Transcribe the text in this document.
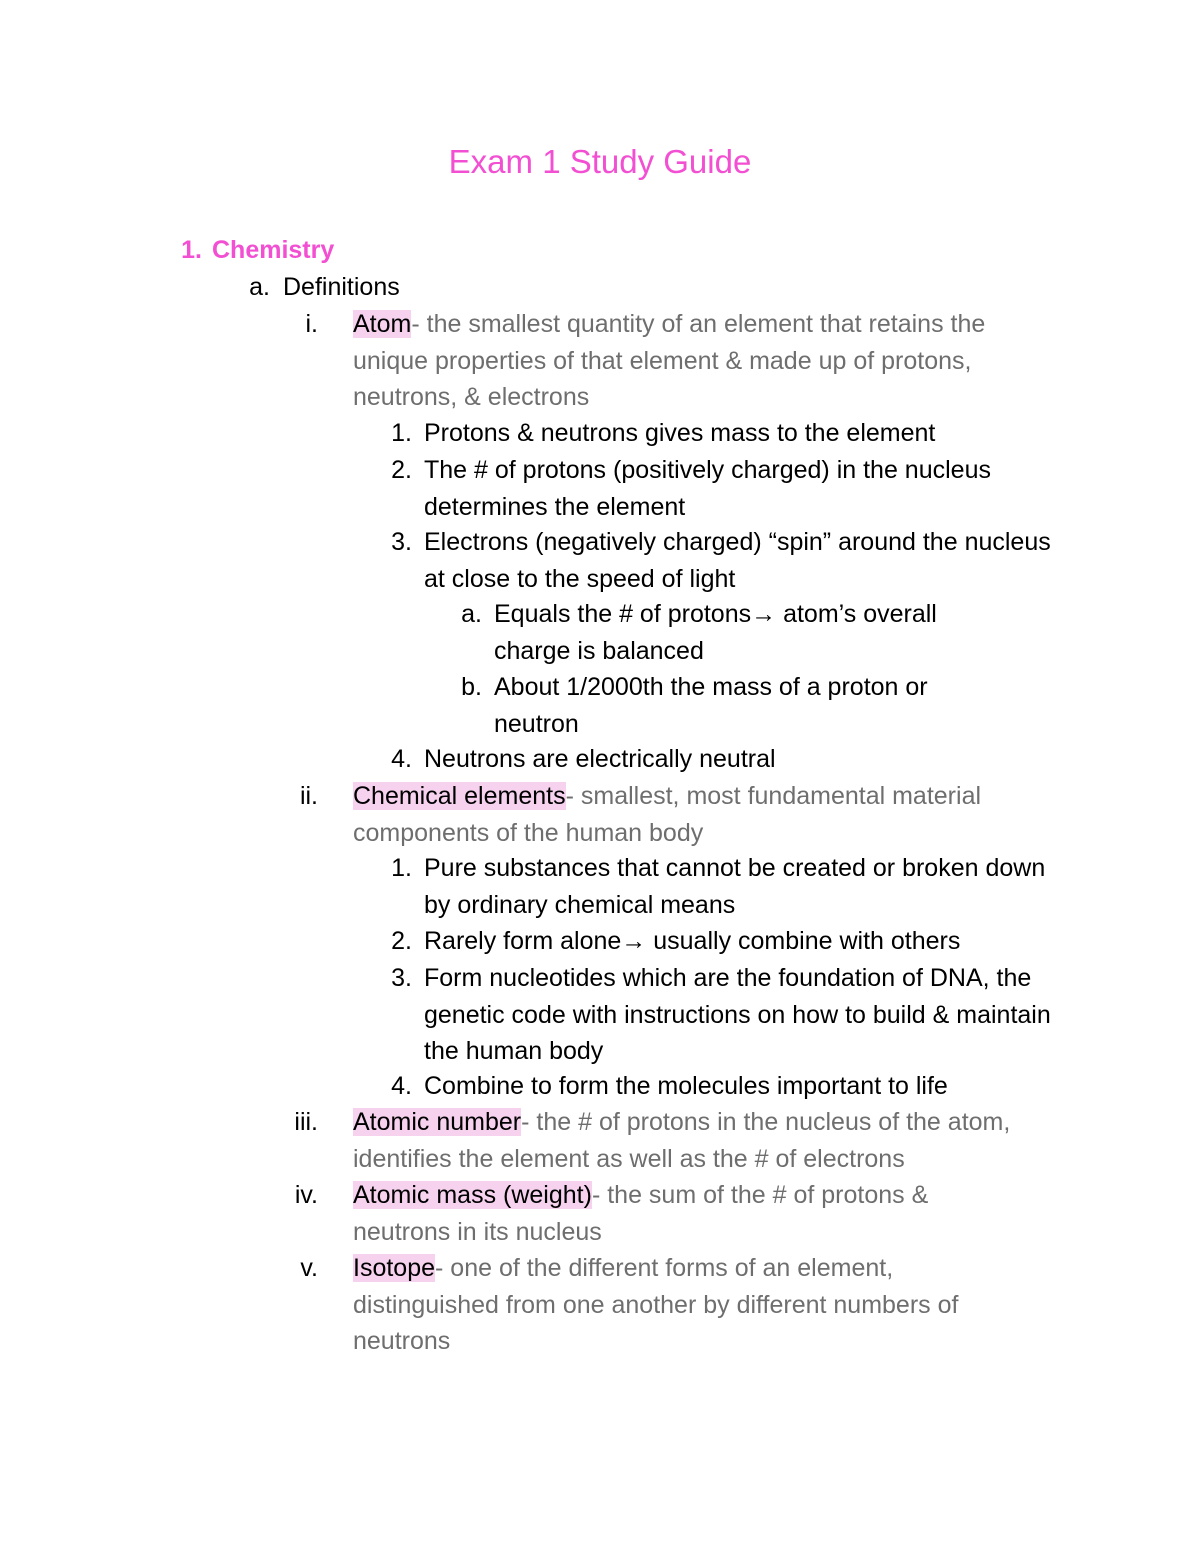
Exam 1 Study Guide
1. Chemistry
a. Definitions
i. Atom- the smallest quantity of an element that retains the unique properties of that element & made up of protons, neutrons, & electrons
1. Protons & neutrons gives mass to the element
2. The # of protons (positively charged) in the nucleus determines the element
3. Electrons (negatively charged) “spin” around the nucleus at close to the speed of light
a. Equals the # of protons→ atom’s overall charge is balanced
b. About 1/2000th the mass of a proton or neutron
4. Neutrons are electrically neutral
ii. Chemical elements- smallest, most fundamental material components of the human body
1. Pure substances that cannot be created or broken down by ordinary chemical means
2. Rarely form alone→ usually combine with others
3. Form nucleotides which are the foundation of DNA, the genetic code with instructions on how to build & maintain the human body
4. Combine to form the molecules important to life
iii. Atomic number- the # of protons in the nucleus of the atom, identifies the element as well as the # of electrons
iv. Atomic mass (weight)- the sum of the # of protons & neutrons in its nucleus
v. Isotope- one of the different forms of an element, distinguished from one another by different numbers of neutrons
